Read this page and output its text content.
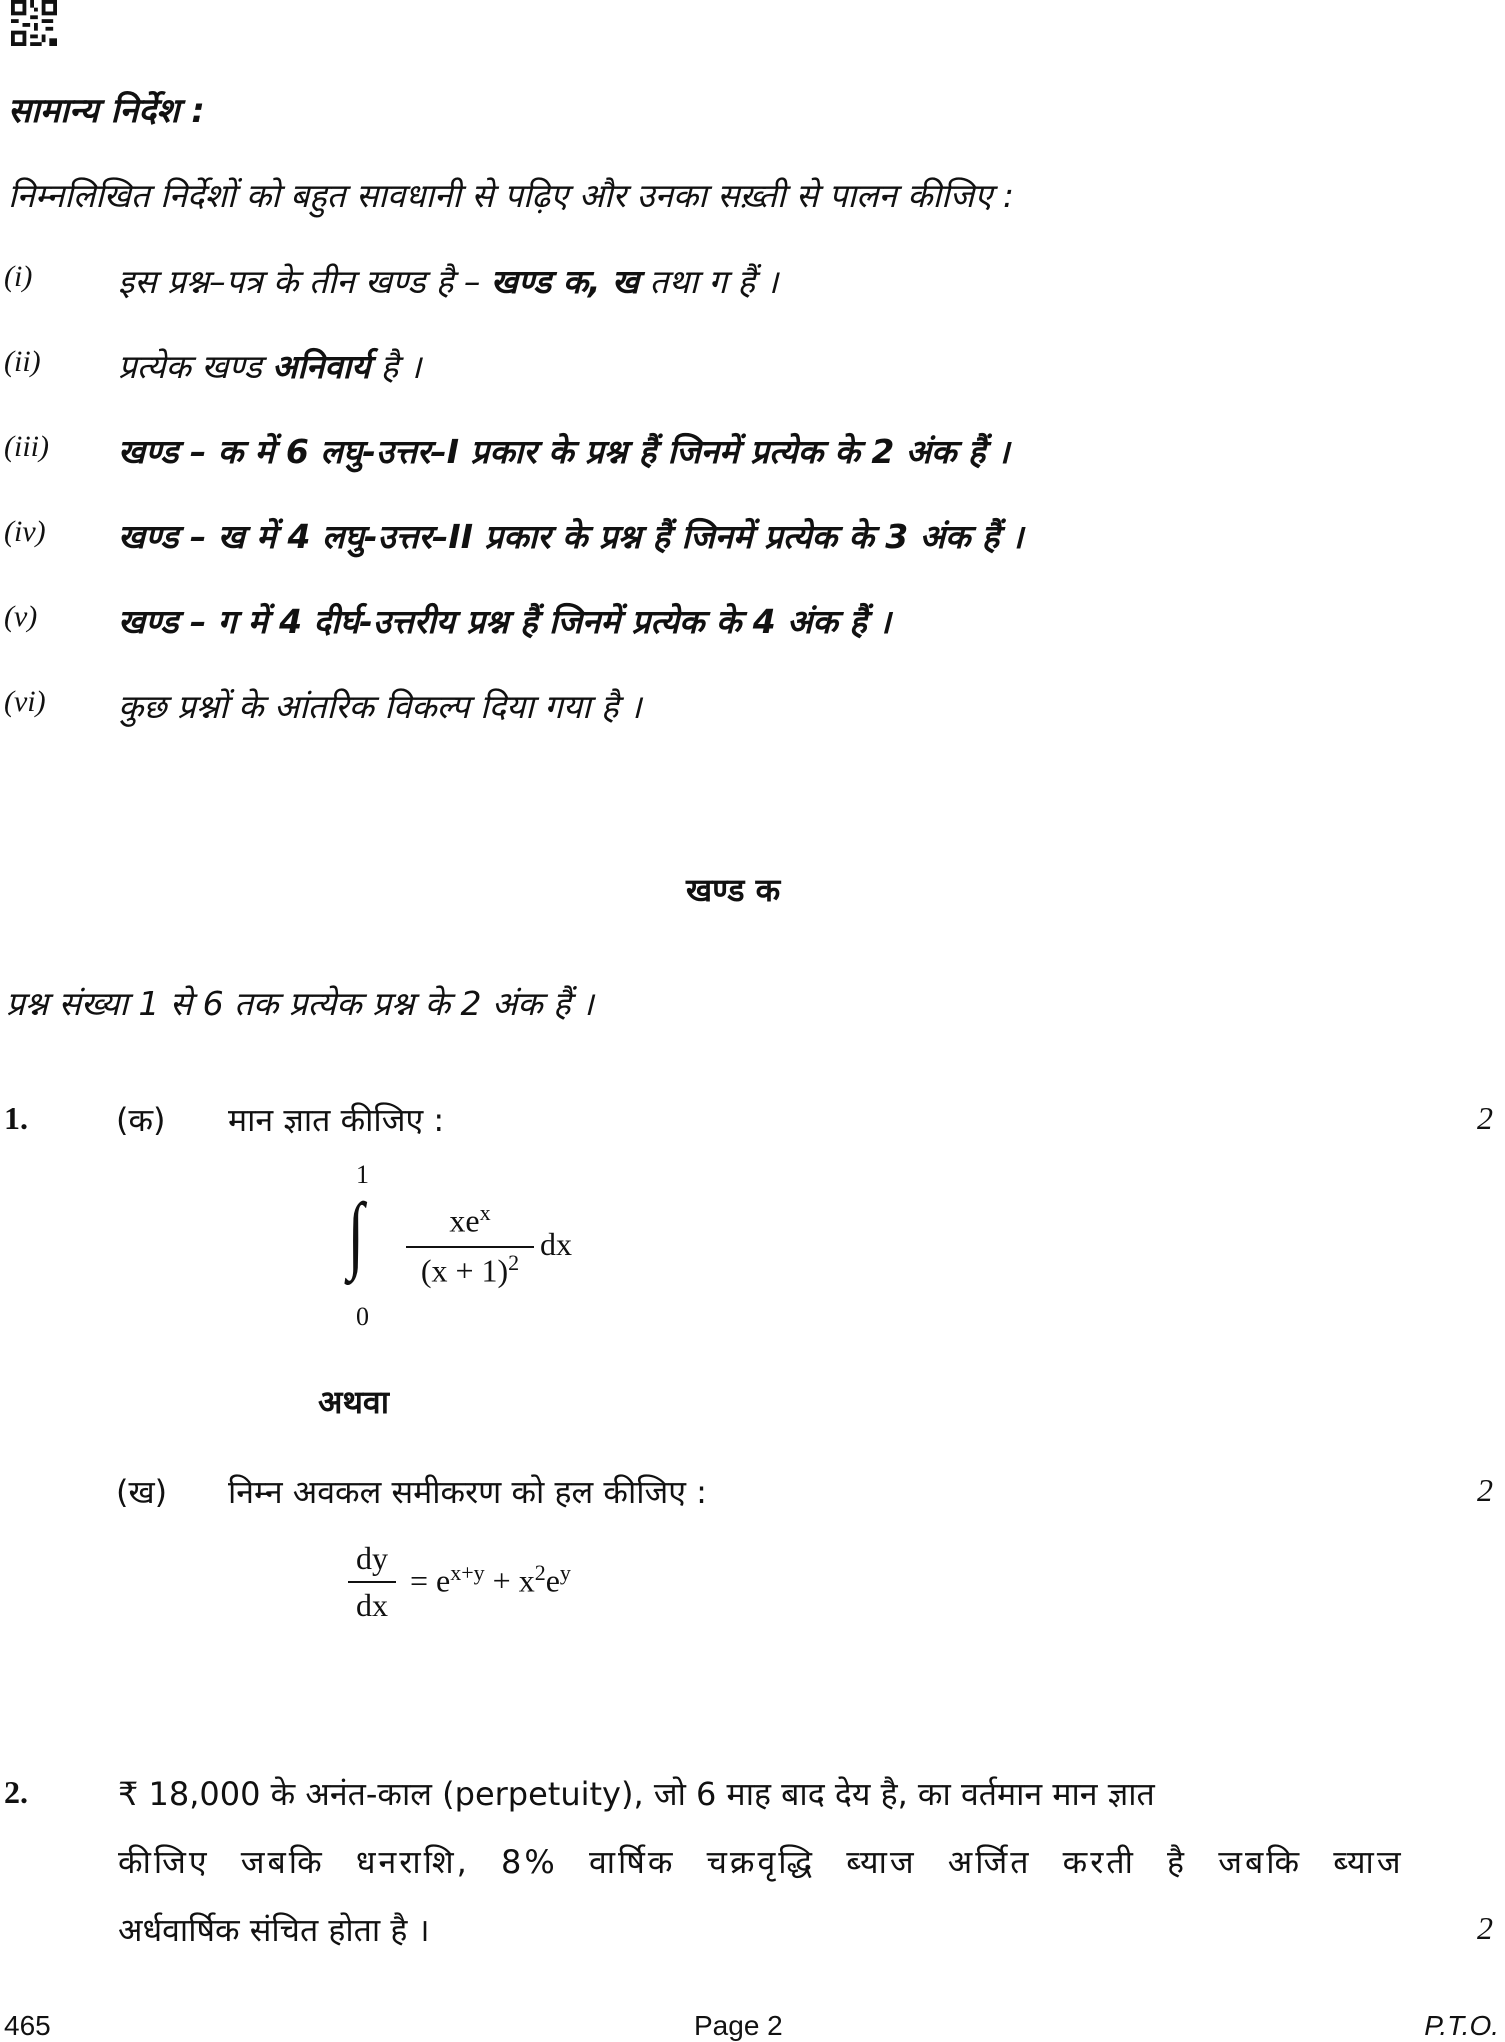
सामान्य निर्देश :
निम्नलिखित निर्देशों को बहुत सावधानी से पढ़िए और उनका सख़्ती से पालन कीजिए :
(i)	इस प्रश्न–पत्र के तीन खण्ड है – खण्ड क, ख तथा ग हैं ।
(ii) प्रत्येक खण्ड अनिवार्य है ।
(iii) खण्ड – क में 6 लघु-उत्तर–I प्रकार के प्रश्न हैं जिनमें प्रत्येक के 2 अंक हैं ।
(iv) खण्ड – ख में 4 लघु-उत्तर–II प्रकार के प्रश्न हैं जिनमें प्रत्येक के 3 अंक हैं ।
(v) खण्ड – ग में 4 दीर्घ-उत्तरीय प्रश्न हैं जिनमें प्रत्येक के 4 अंक हैं ।
(vi) कुछ प्रश्नों के आंतरिक विकल्प दिया गया है ।
खण्ड क
प्रश्न संख्या 1 से 6 तक प्रत्येक प्रश्न के 2 अंक हैं ।
1.	(क) मान ज्ञात कीजिए :	2
1
∫
0
$xe^x$
$(x + 1)^2$
dx
अथवा
(ख) निम्न अवकल समीकरण को हल कीजिए :	2
dy
dx
= $e^{x+y} + x^2e^y$
2.	₹ 18,000 के अनंत-काल (perpetuity), जो 6 माह बाद देय है, का वर्तमान मान ज्ञात
कीजिए जबकि धनराशि, 8% वार्षिक चक्रवृद्धि ब्याज अर्जित करती है जबकि ब्याज
अर्धवार्षिक संचित होता है ।	2
465	Page 2	P.T.O.
